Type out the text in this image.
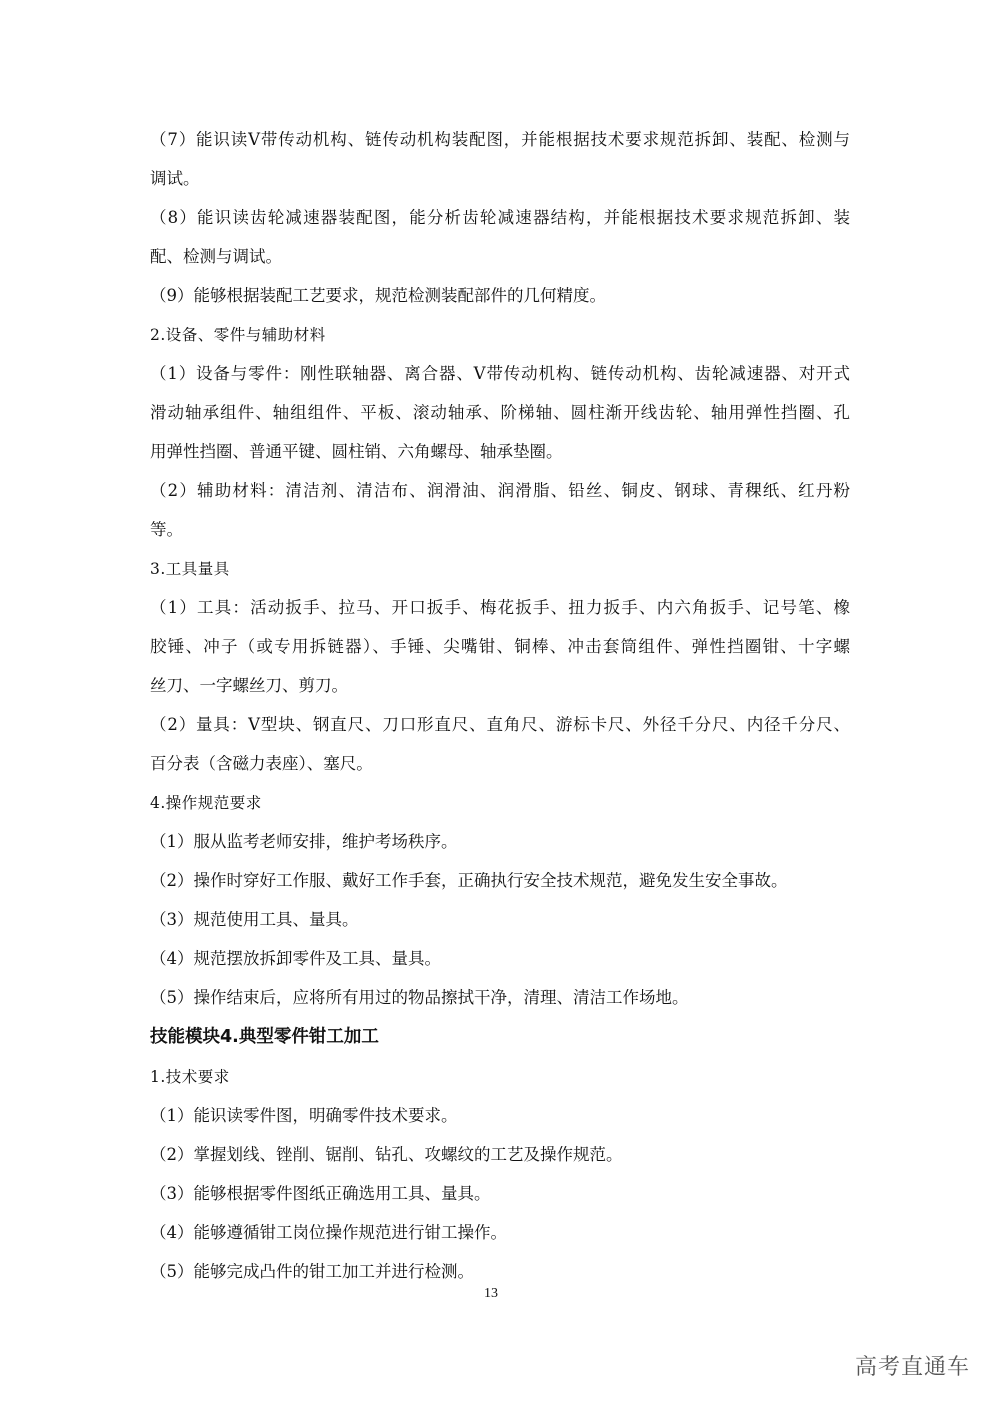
（7）能识读V带传动机构、链传动机构装配图，并能根据技术要求规范拆卸、装配、检测与
调试。
（8）能识读齿轮减速器装配图，能分析齿轮减速器结构，并能根据技术要求规范拆卸、装
配、检测与调试。
（9）能够根据装配工艺要求，规范检测装配部件的几何精度。
2.设备、零件与辅助材料
（1）设备与零件：刚性联轴器、离合器、V带传动机构、链传动机构、齿轮减速器、对开式
滑动轴承组件、轴组组件、平板、滚动轴承、阶梯轴、圆柱渐开线齿轮、轴用弹性挡圈、孔
用弹性挡圈、普通平键、圆柱销、六角螺母、轴承垫圈。
（2）辅助材料：清洁剂、清洁布、润滑油、润滑脂、铅丝、铜皮、钢球、青稞纸、红丹粉
等。
3.工具量具
（1）工具：活动扳手、拉马、开口扳手、梅花扳手、扭力扳手、内六角扳手、记号笔、橡
胶锤、冲子（或专用拆链器）、手锤、尖嘴钳、铜棒、冲击套筒组件、弹性挡圈钳、十字螺
丝刀、一字螺丝刀、剪刀。
（2）量具：V型块、钢直尺、刀口形直尺、直角尺、游标卡尺、外径千分尺、内径千分尺、
百分表（含磁力表座）、塞尺。
4.操作规范要求
（1）服从监考老师安排，维护考场秩序。
（2）操作时穿好工作服、戴好工作手套，正确执行安全技术规范，避免发生安全事故。
（3）规范使用工具、量具。
（4）规范摆放拆卸零件及工具、量具。
（5）操作结束后，应将所有用过的物品擦拭干净，清理、清洁工作场地。
技能模块4.典型零件钳工加工
1.技术要求
（1）能识读零件图，明确零件技术要求。
（2）掌握划线、锉削、锯削、钻孔、攻螺纹的工艺及操作规范。
（3）能够根据零件图纸正确选用工具、量具。
（4）能够遵循钳工岗位操作规范进行钳工操作。
（5）能够完成凸件的钳工加工并进行检测。
13
高考直通车
